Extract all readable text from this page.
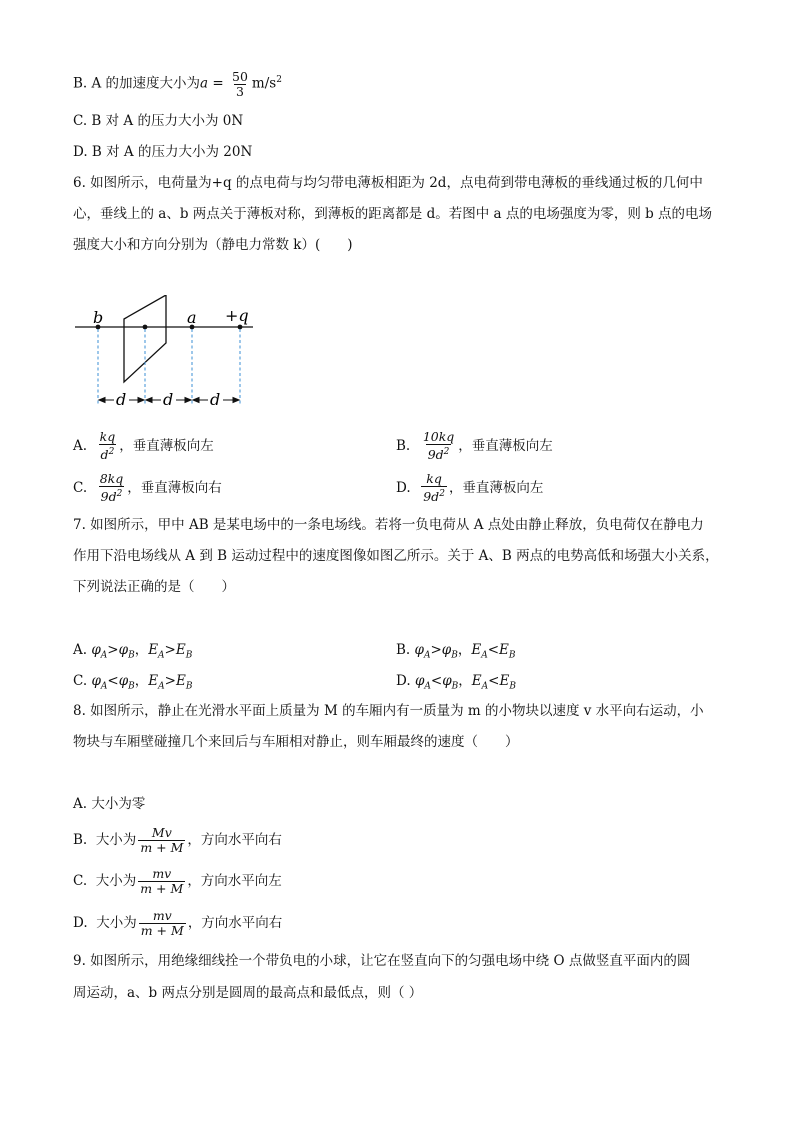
B. A 的加速度大小为$a = \frac{50}{3} m/s^2$
C. B 对 A 的压力大小为 0N
D. B 对 A 的压力大小为 20N
6. 如图所示，电荷量为+q 的点电荷与均匀带电薄板相距为 2d，点电荷到带电薄板的垂线通过板的几何中
心，垂线上的 a、b 两点关于薄板对称，到薄板的距离都是 d。若图中 a 点的电场强度为零，则 b 点的电场
强度大小和方向分别为（静电力常数 k）(　　)
b	a +q
d d d
A. $\frac{kq}{d^2}$ ，垂直薄板向左	B. $\frac{10kq}{9d^2}$ ，垂直薄板向左
C. $\frac{8kq}{9d^2}$ ，垂直薄板向右	D. $\frac{kq}{9d^2}$ ，垂直薄板向左
7. 如图所示，甲中 AB 是某电场中的一条电场线。若将一负电荷从 A 点处由静止释放，负电荷仅在静电力
作用下沿电场线从 A 到 B 运动过程中的速度图像如图乙所示。关于 A、B 两点的电势高低和场强大小关系，
下列说法正确的是（　　）
A. $\varphi_A>\varphi_B$，$E_A>E_B$	B. $\varphi_A>\varphi_B$，$E_A<E_B$
C. $\varphi_A<\varphi_B$，$E_A>E_B$	D. $\varphi_A<\varphi_B$，$E_A<E_B$
8. 如图所示，静止在光滑水平面上质量为 M 的车厢内有一质量为 m 的小物块以速度 v 水平向右运动，小
物块与车厢壁碰撞几个来回后与车厢相对静止，则车厢最终的速度（　　）
A. 大小为零
B. 大小为 $\frac{Mv}{m + M}$ ，方向水平向右
C. 大小为 $\frac{mv}{m + M}$ ，方向水平向左
D. 大小为 $\frac{mv}{m + M}$ ，方向水平向右
9. 如图所示，用绝缘细线拴一个带负电的小球，让它在竖直向下的匀强电场中绕 O 点做竖直平面内的圆
周运动，a、b 两点分别是圆周的最高点和最低点，则（ ）
